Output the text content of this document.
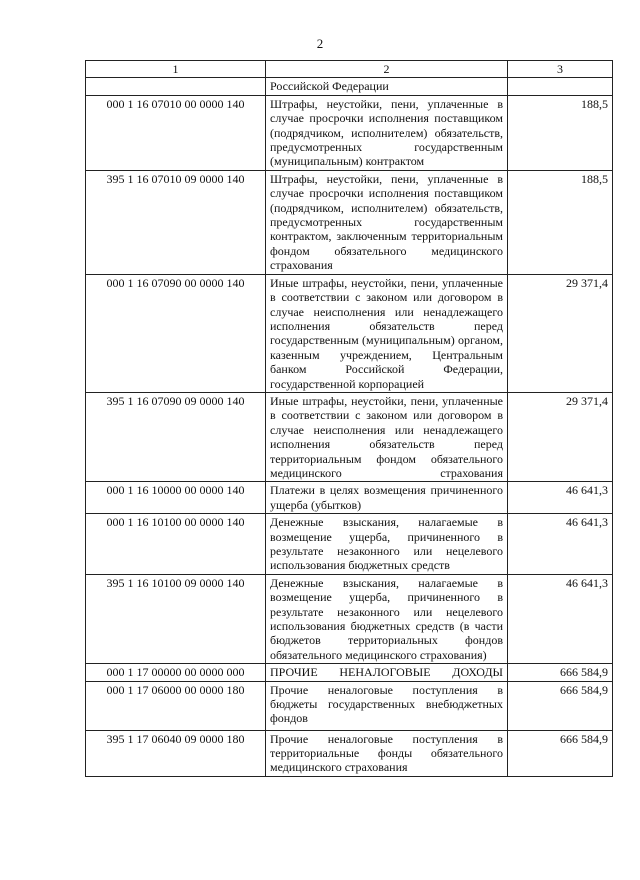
2
1	2	3
	Российской Федерации	
000 1 16 07010 00 0000 140	Штрафы, неустойки, пени, уплаченные в случае просрочки исполнения поставщиком (подрядчиком, исполнителем) обязательств, предусмотренных государственным (муниципальным) контрактом	188,5
395 1 16 07010 09 0000 140	Штрафы, неустойки, пени, уплаченные в случае просрочки исполнения поставщиком (подрядчиком, исполнителем) обязательств, предусмотренных государственным контрактом, заключенным территориальным фондом обязательного медицинского страхования	188,5
000 1 16 07090 00 0000 140	Иные штрафы, неустойки, пени, уплаченные в соответствии с законом или договором в случае неисполнения или ненадлежащего исполнения обязательств перед государственным (муниципальным) органом, казенным учреждением, Центральным банком Российской Федерации, государственной корпорацией	29 371,4
395 1 16 07090 09 0000 140	Иные штрафы, неустойки, пени, уплаченные в соответствии с законом или договором в случае неисполнения или ненадлежащего исполнения обязательств перед территориальным фондом обязательного медицинского страхования	29 371,4
000 1 16 10000 00 0000 140	Платежи в целях возмещения причиненного ущерба (убытков)	46 641,3
000 1 16 10100 00 0000 140	Денежные взыскания, налагаемые в возмещение ущерба, причиненного в результате незаконного или нецелевого использования бюджетных средств	46 641,3
395 1 16 10100 09 0000 140	Денежные взыскания, налагаемые в возмещение ущерба, причиненного в результате незаконного или нецелевого использования бюджетных средств (в части бюджетов территориальных фондов обязательного медицинского страхования)	46 641,3
000 1 17 00000 00 0000 000	ПРОЧИЕ НЕНАЛОГОВЫЕ ДОХОДЫ	666 584,9
000 1 17 06000 00 0000 180	Прочие неналоговые поступления в бюджеты государственных внебюджетных фондов	666 584,9
395 1 17 06040 09 0000 180	Прочие неналоговые поступления в территориальные фонды обязательного медицинского страхования	666 584,9
